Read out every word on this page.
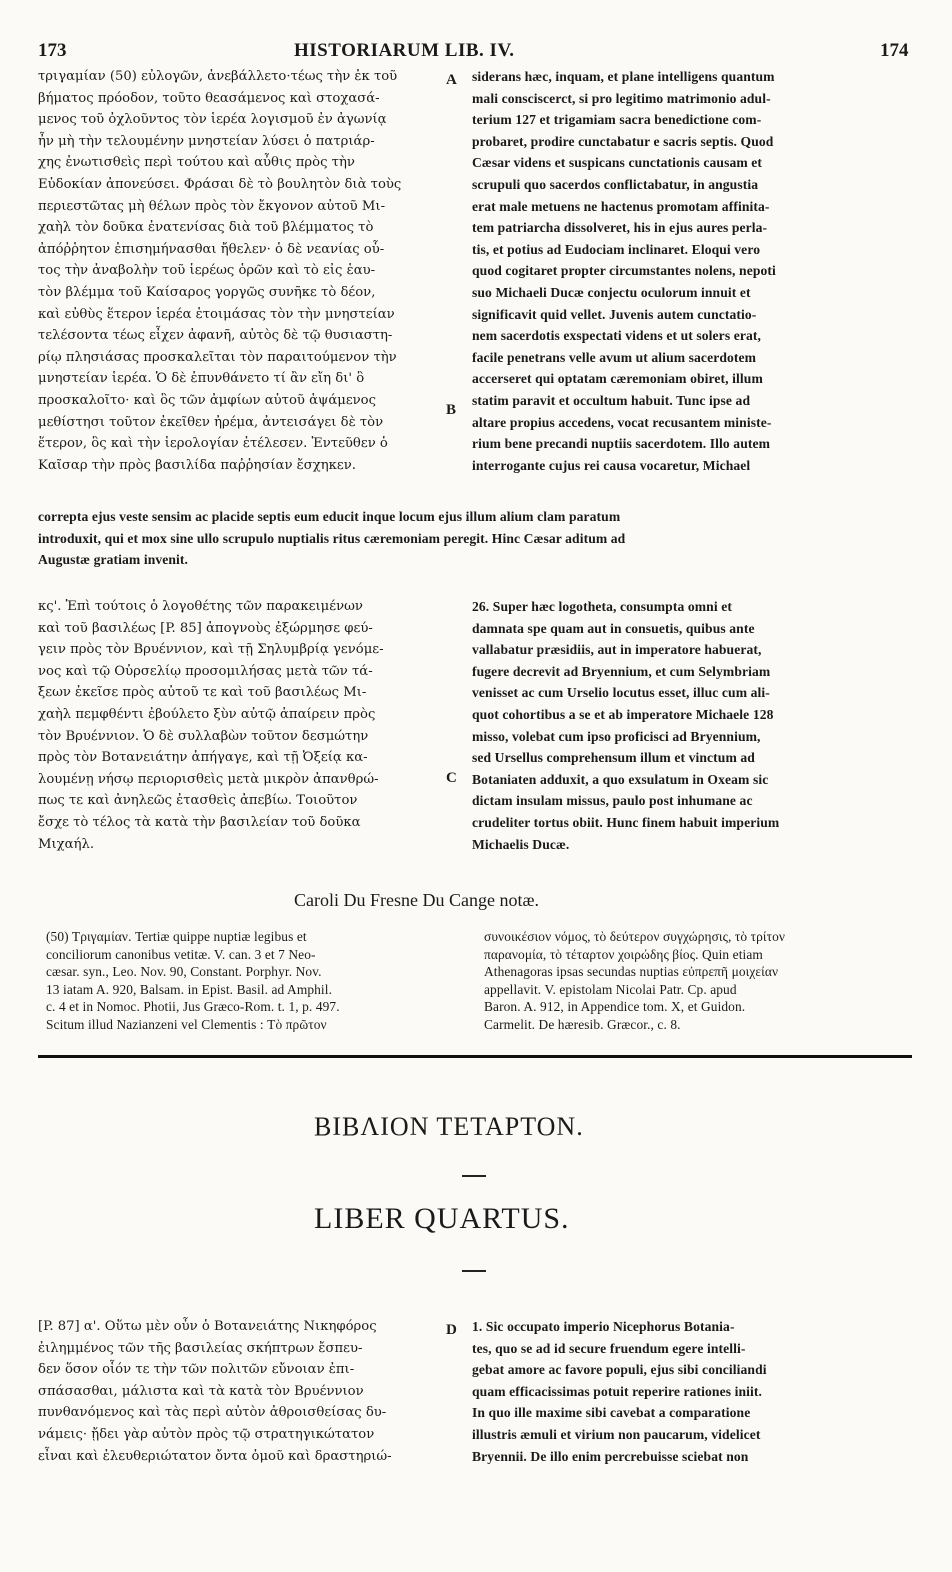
173	HISTORIARUM LIB. IV.	174
τριγαμίαν (50) εὐλογῶν, ἀνεβάλλετο·τέως τὴν ἐκ τοῦ
βήματος πρόοδον, τοῦτο θεασάμενος καὶ στοχασά-
μενος τοῦ ὀχλοῦντος τὸν ἱερέα λογισμοῦ ἐν ἀγωνίᾳ
ἦν μὴ τὴν τελουμένην μνηστείαν λύσει ὁ πατριάρ-
χης ἐνωτισθεὶς περὶ τούτου καὶ αὖθις πρὸς τὴν
Εὐδοκίαν ἀπονεύσει. Φράσαι δὲ τὸ βουλητὸν διὰ τοὺς
περιεστῶτας μὴ θέλων πρὸς τὸν ἔκγονον αὐτοῦ Μι-
χαὴλ τὸν δοῦκα ἐνατενίσας διὰ τοῦ βλέμματος τὸ
ἀπόῤῥητον ἐπισημήνασθαι ἤθελεν· ὁ δὲ νεανίας οὗ-
τος τὴν ἀναβολὴν τοῦ ἱερέως ὁρῶν καὶ τὸ εἰς ἑαυ-
τὸν βλέμμα τοῦ Καίσαρος γοργῶς συνῆκε τὸ δέον,
καὶ εὐθὺς ἕτερον ἱερέα ἑτοιμάσας τὸν τὴν μνηστείαν
τελέσοντα τέως εἶχεν ἀφανῆ, αὐτὸς δὲ τῷ θυσιαστη-
ρίῳ πλησιάσας προσκαλεῖται τὸν παραιτούμενον τὴν
μνηστείαν ἱερέα. Ὁ δὲ ἐπυνθάνετο τί ἂν εἴη δι' ὃ
προσκαλοῖτο· καὶ ὃς τῶν ἀμφίων αὐτοῦ ἁψάμενος
μεθίστησι τοῦτον ἐκεῖθεν ἠρέμα, ἀντεισάγει δὲ τὸν
ἕτερον, ὃς καὶ τὴν ἱερολογίαν ἐτέλεσεν. Ἐντεῦθεν ὁ
Καῖσαρ τὴν πρὸς βασιλίδα παῤῥησίαν ἔσχηκεν.
siderans hæc, inquam, et plane intelligens quantum
mali consciscerct, si pro legitimo matrimonio adul-
terium 127 et trigamiam sacra benedictione com-
probaret, prodire cunctabatur e sacris septis. Quod
Cæsar videns et suspicans cunctationis causam et
scrupuli quo sacerdos conflictabatur, in angustia
erat male metuens ne hactenus promotam affinita-
tem patriarcha dissolveret, his in ejus aures perla-
tis, et potius ad Eudociam inclinaret. Eloqui vero
quod cogitaret propter circumstantes nolens, nepoti
suo Michaeli Ducæ conjectu oculorum innuit et
significavit quid vellet. Juvenis autem cunctatio-
nem sacerdotis exspectati videns et ut solers erat,
facile penetrans velle avum ut alium sacerdotem
accerseret qui optatam cæremoniam obiret, illum
statim paravit et occultum habuit. Tunc ipse ad
altare propius accedens, vocat recusantem ministe-
rium bene precandi nuptiis sacerdotem. Illo autem
interrogante cujus rei causa vocaretur, Michael
A
B
C
D
correpta ejus veste sensim ac placide septis eum educit inque locum ejus illum alium clam paratum
introduxit, qui et mox sine ullo scrupulo nuptialis ritus cæremoniam peregit. Hinc Cæsar aditum ad
Augustæ gratiam invenit.
κς'. Ἐπὶ τούτοις ὁ λογοθέτης τῶν παρακειμένων
καὶ τοῦ βασιλέως [P. 85] ἀπογνοὺς ἐξώρμησε φεύ-
γειν πρὸς τὸν Βρυέννιον, καὶ τῇ Σηλυμβρίᾳ γενόμε-
νος καὶ τῷ Οὐρσελίῳ προσομιλήσας μετὰ τῶν τά-
ξεων ἐκεῖσε πρὸς αὐτοῦ τε καὶ τοῦ βασιλέως Μι-
χαὴλ πεμφθέντι ἐβούλετο ξὺν αὐτῷ ἀπαίρειν πρὸς
τὸν Βρυέννιον. Ὁ δὲ συλλαβὼν τοῦτον δεσμώτην
πρὸς τὸν Βοτανειάτην ἀπήγαγε, καὶ τῇ Ὀξείᾳ κα-
λουμένῃ νήσῳ περιορισθεὶς μετὰ μικρὸν ἀπανθρώ-
πως τε καὶ ἀνηλεῶς ἐτασθεὶς ἀπεβίω. Τοιοῦτον
ἔσχε τὸ τέλος τὰ κατὰ τὴν βασιλείαν τοῦ δοῦκα
Μιχαήλ.
26. Super hæc logotheta, consumpta omni et
damnata spe quam aut in consuetis, quibus ante
vallabatur præsidiis, aut in imperatore habuerat,
fugere decrevit ad Bryennium, et cum Selymbriam
venisset ac cum Urselio locutus esset, illuc cum ali-
quot cohortibus a se et ab imperatore Michaele 128
misso, volebat cum ipso proficisci ad Bryennium,
sed Ursellus comprehensum illum et vinctum ad
Botaniaten adduxit, a quo exsulatum in Oxeam sic
dictam insulam missus, paulo post inhumane ac
crudeliter tortus obiit. Hunc finem habuit imperium
Michaelis Ducæ.
Caroli Du Fresne Du Cange notæ.
(50) Τριγαμίαν. Tertiæ quippe nuptiæ legibus et
conciliorum canonibus vetitæ. V. can. 3 et 7 Neo-
cæsar. syn., Leo. Nov. 90, Constant. Porphyr. Nov.
13 iatam A. 920, Balsam. in Epist. Basil. ad Amphil.
c. 4 et in Nomoc. Photii, Jus Græco-Rom. t. 1, p. 497.
Scitum illud Nazianzeni vel Clementis : Τὸ πρῶτον
συνοικέσιον νόμος, τὸ δεύτερον συγχώρησις, τὸ τρίτον
παρανομία, τὸ τέταρτον χοιρώδης βίος. Quin etiam
Athenagoras ipsas secundas nuptias εὐπρεπῆ μοιχείαν
appellavit. V. epistolam Nicolai Patr. Cp. apud
Baron. A. 912, in Appendice tom. X, et Guidon.
Carmelit. De hæresib. Græcor., c. 8.
ΒΙΒΛΙΟΝ ΤΕΤΑΡΤΟΝ.
LIBER QUARTUS.
[P. 87] α'. Οὕτω μὲν οὖν ὁ Βοτανειάτης Νικηφόρος
ἐιλημμένος τῶν τῆς βασιλείας σκήπτρων ἔσπευ-
δεν ὅσον οἷόν τε τὴν τῶν πολιτῶν εὔνοιαν ἐπι-
σπάσασθαι, μάλιστα καὶ τὰ κατὰ τὸν Βρυέννιον
πυνθανόμενος καὶ τὰς περὶ αὐτὸν ἀθροισθείσας δυ-
νάμεις· ᾔδει γὰρ αὐτὸν πρὸς τῷ στρατηγικώτατον
εἶναι καὶ ἐλευθεριώτατον ὄντα ὁμοῦ καὶ δραστηριώ-
1. Sic occupato imperio Nicephorus Botania-
tes, quo se ad id secure fruendum egere intelli-
gebat amore ac favore populi, ejus sibi conciliandi
quam efficacissimas potuit reperire rationes iniit.
In quo ille maxime sibi cavebat a comparatione
illustris æmuli et virium non paucarum, videlicet
Bryennii. De illo enim percrebuisse sciebat non
